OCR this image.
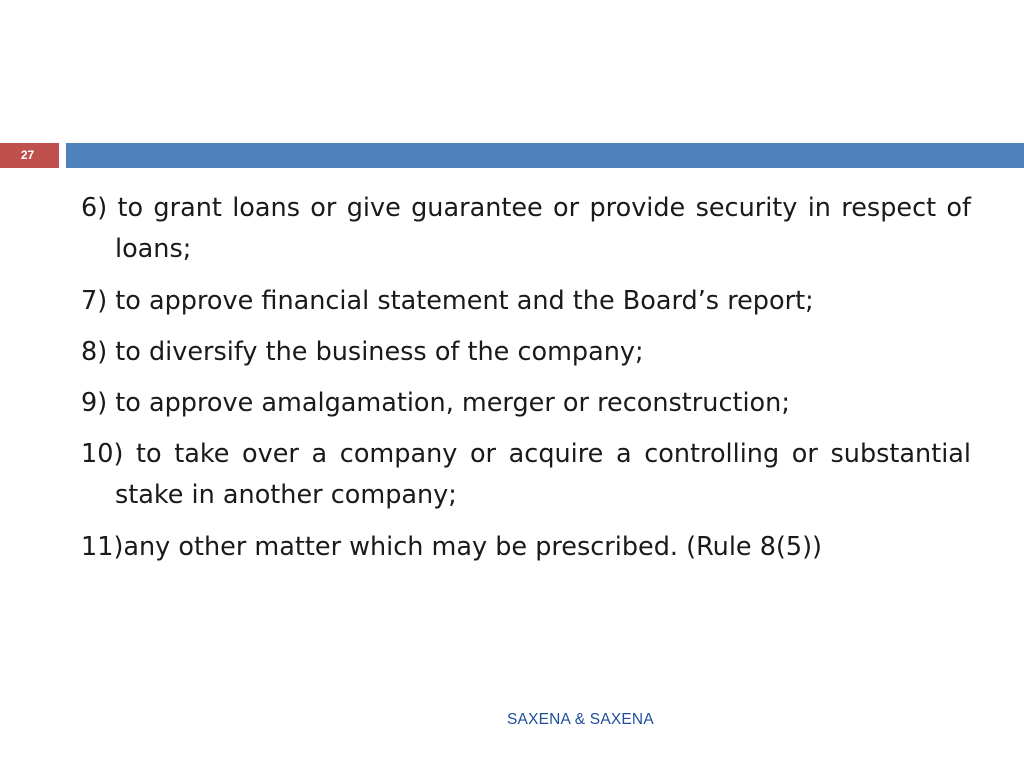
27

6) to grant loans or give guarantee or provide security in respect of loans;

7) to approve financial statement and the Board’s report;

8) to diversify the business of the company;

9) to approve amalgamation, merger or reconstruction;

10) to take over a company or acquire a controlling or substantial stake in another company;

11)any other matter which may be prescribed. (Rule 8(5))

SAXENA & SAXENA
